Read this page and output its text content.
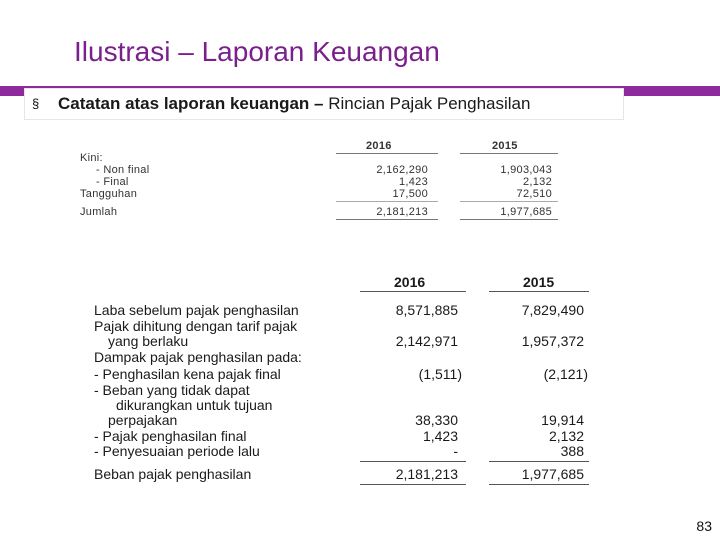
Ilustrasi – Laporan Keuangan
§ Catatan atas laporan keuangan – Rincian Pajak Penghasilan
2016	2015
Kini:
- Non final	2,162,290	1,903,043
- Final	1,423	2,132
Tangguhan	17,500	72,510
Jumlah	2,181,213	1,977,685
2016	2015
Laba sebelum pajak penghasilan	8,571,885	7,829,490
Pajak dihitung dengan tarif pajak
yang berlaku	2,142,971	1,957,372
Dampak pajak penghasilan pada:
- Penghasilan kena pajak final	(1,511)	(2,121)
- Beban yang tidak dapat
dikurangkan untuk tujuan
perpajakan	38,330	19,914
- Pajak penghasilan final	1,423	2,132
- Penyesuaian periode lalu	-	388
Beban pajak penghasilan	2,181,213	1,977,685
83
